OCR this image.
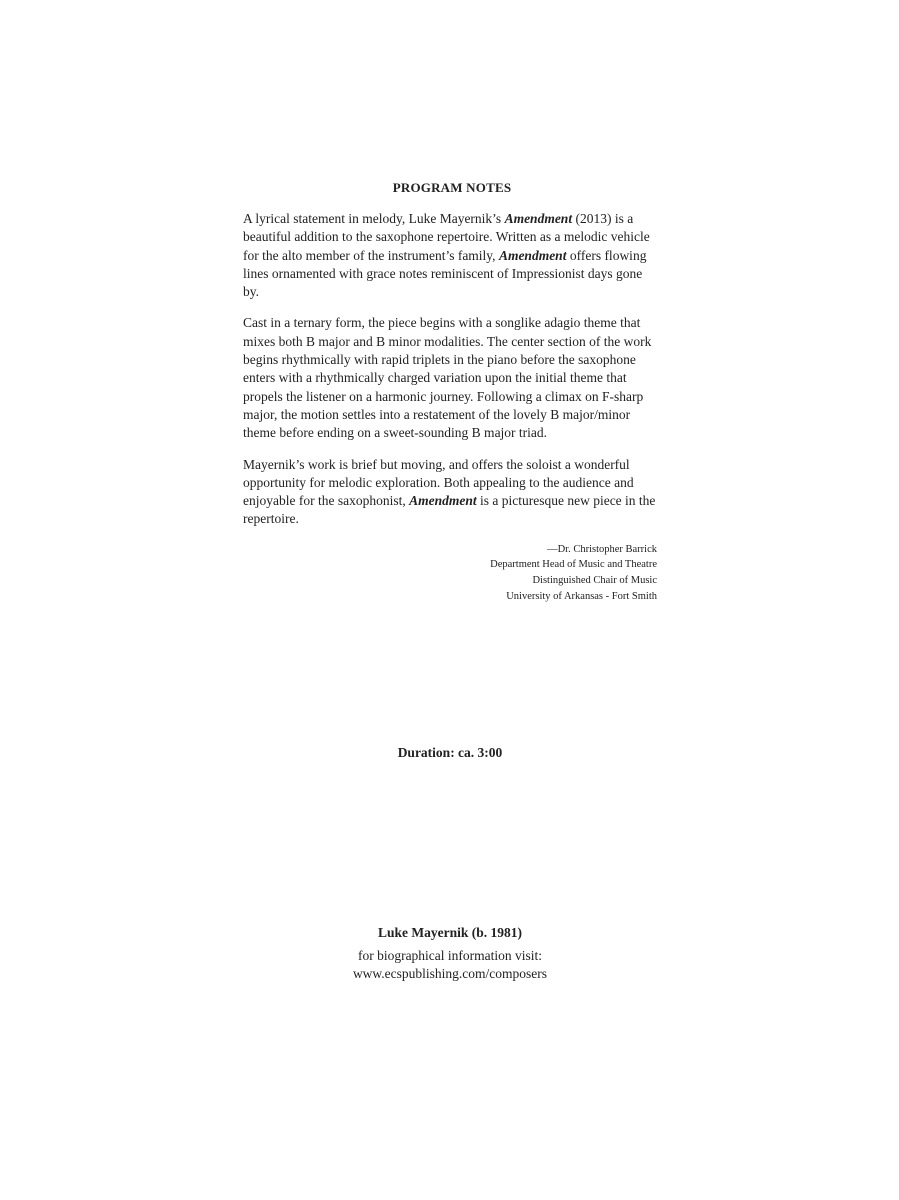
PROGRAM NOTES

A lyrical statement in melody, Luke Mayernik’s Amendment (2013) is a beautiful addition to the saxophone repertoire. Written as a melodic vehicle for the alto member of the instrument’s family, Amendment offers flowing lines ornamented with grace notes reminiscent of Impressionist days gone by.

Cast in a ternary form, the piece begins with a songlike adagio theme that mixes both B major and B minor modalities. The center section of the work begins rhythmically with rapid triplets in the piano before the saxophone enters with a rhythmically charged variation upon the initial theme that propels the listener on a harmonic journey. Following a climax on F-sharp major, the motion settles into a restatement of the lovely B major/minor theme before ending on a sweet-sounding B major triad.

Mayernik’s work is brief but moving, and offers the soloist a wonderful opportunity for melodic exploration. Both appealing to the audience and enjoyable for the saxophonist, Amendment is a picturesque new piece in the repertoire.

—Dr. Christopher Barrick
Department Head of Music and Theatre
Distinguished Chair of Music
University of Arkansas - Fort Smith
Duration: ca. 3:00
Luke Mayernik (b. 1981)
for biographical information visit:
www.ecspublishing.com/composers
